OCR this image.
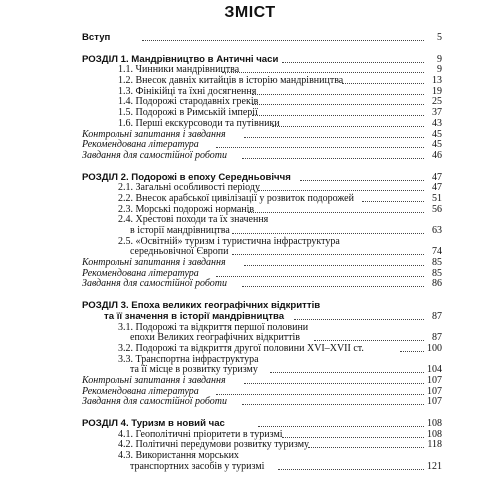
ЗМІСТ
Вступ	5
РОЗДІЛ 1. Мандрівництво в Античні часи	9
1.1. Чинники мандрівництва	9
1.2. Внесок давніх китайців в історію мандрівництва	13
1.3. Фінікійці та їхні досягнення	19
1.4. Подорожі стародавніх греків	25
1.5. Подорожі в Римській імперії	37
1.6. Перші екскурсоводи та путівники	43
Контрольні запитання і завдання	45
Рекомендована література	45
Завдання для самостійної роботи	46
РОЗДІЛ 2. Подорожі в епоху Середньовіччя	47
2.1. Загальні особливості періоду	47
2.2. Внесок арабської цивілізації у розвиток подорожей	51
2.3. Морські подорожі норманів	56
2.4. Хрестові походи та їх значення
в історії мандрівництва	63
2.5. «Освітній» туризм і туристична інфраструктура
середньовічної Європи	74
Контрольні запитання і завдання	85
Рекомендована література	85
Завдання для самостійної роботи	86
РОЗДІЛ 3. Епоха великих географічних відкриттів
та її значення в історії мандрівництва	87
3.1. Подорожі та відкриття першої половини
епохи Великих географічних відкриттів	87
3.2. Подорожі та відкриття другої половини XVI–XVII ст.	100
3.3. Транспортна інфраструктура
та її місце в розвитку туризму	104
Контрольні запитання і завдання	107
Рекомендована література	107
Завдання для самостійної роботи	107
РОЗДІЛ 4. Туризм в новий час	108
4.1. Геополітичні пріоритети в туризмі	108
4.2. Політичні передумови розвитку туризму	118
4.3. Використання морських
транспортних засобів у туризмі	121
